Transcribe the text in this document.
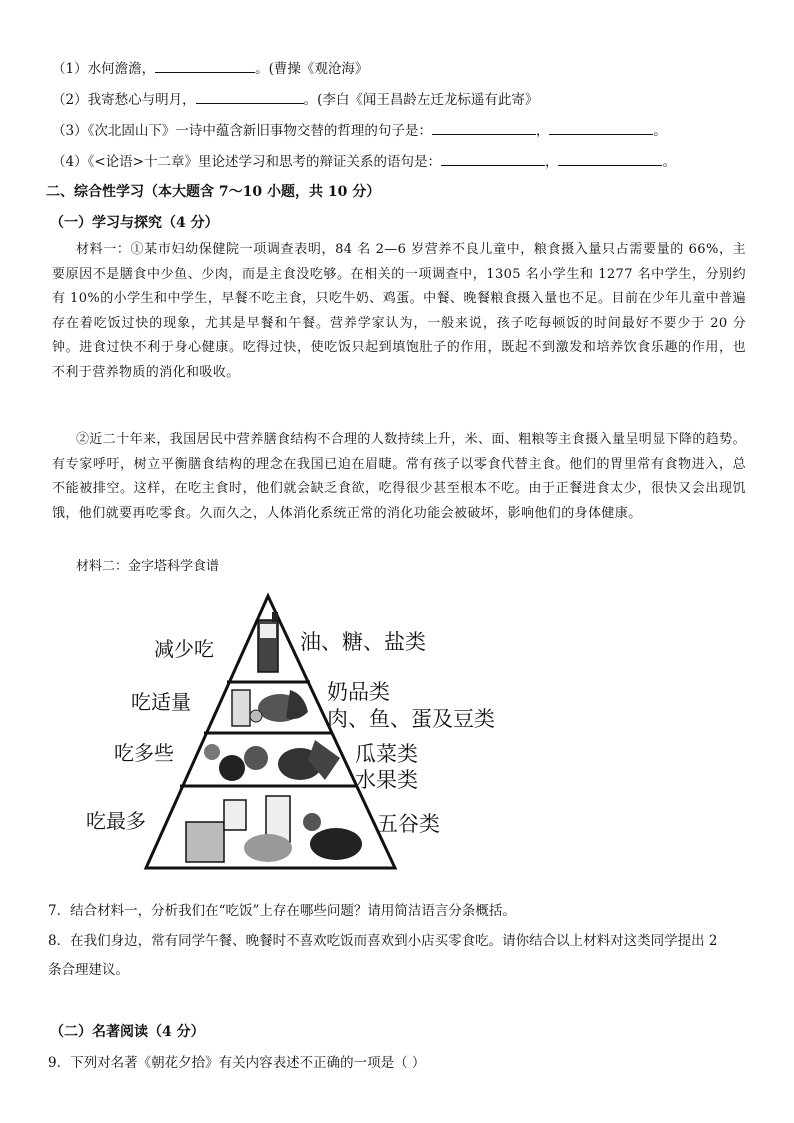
（1）水何澹澹，	。(曹操《观沧海》
（2）我寄愁心与明月，	。(李白《闻王昌龄左迁龙标遥有此寄》
（3）《次北固山下》一诗中蕴含新旧事物交替的哲理的句子是：	，	。
（4）《<论语>十二章》里论述学习和思考的辩证关系的语句是：	，	。
二、综合性学习（本大题含 7～10 小题，共 10 分）
（一）学习与探究（4 分）
材料一：①某市妇幼保健院一项调查表明，84 名 2—6 岁营养不良儿童中，粮食摄入量只占需要量的 66%，主要原因不是膳食中少鱼、少肉，而是主食没吃够。在相关的一项调查中，1305 名小学生和 1277 名中学生，分别约有 10%的小学生和中学生，早餐不吃主食，只吃牛奶、鸡蛋。中餐、晚餐粮食摄入量也不足。目前在少年儿童中普遍存在着吃饭过快的现象，尤其是早餐和午餐。营养学家认为，一般来说，孩子吃每顿饭的时间最好不要少于 20 分钟。进食过快不利于身心健康。吃得过快，使吃饭只起到填饱肚子的作用，既起不到激发和培养饮食乐趣的作用，也不利于营养物质的消化和吸收。
②近二十年来，我国居民中营养膳食结构不合理的人数持续上升，米、面、粗粮等主食摄入量呈明显下降的趋势。有专家呼吁，树立平衡膳食结构的理念在我国已迫在眉睫。常有孩子以零食代替主食。他们的胃里常有食物进入，总不能被排空。这样，在吃主食时，他们就会缺乏食欲，吃得很少甚至根本不吃。由于正餐进食太少，很快又会出现饥饿，他们就要再吃零食。久而久之，人体消化系统正常的消化功能会被破坏，影响他们的身体健康。
材料二：金字塔科学食谱
减少吃
吃适量
吃多些
吃最多
油、糖、盐类
奶品类
肉、鱼、蛋及豆类
瓜菜类
水果类
五谷类
7．结合材料一，分析我们在“吃饭”上存在哪些问题？请用简洁语言分条概括。
8．在我们身边，常有同学午餐、晚餐时不喜欢吃饭而喜欢到小店买零食吃。请你结合以上材料对这类同学提出 2
条合理建议。
（二）名著阅读（4 分）
9．下列对名著《朝花夕拾》有关内容表述不正确的一项是（ ）
